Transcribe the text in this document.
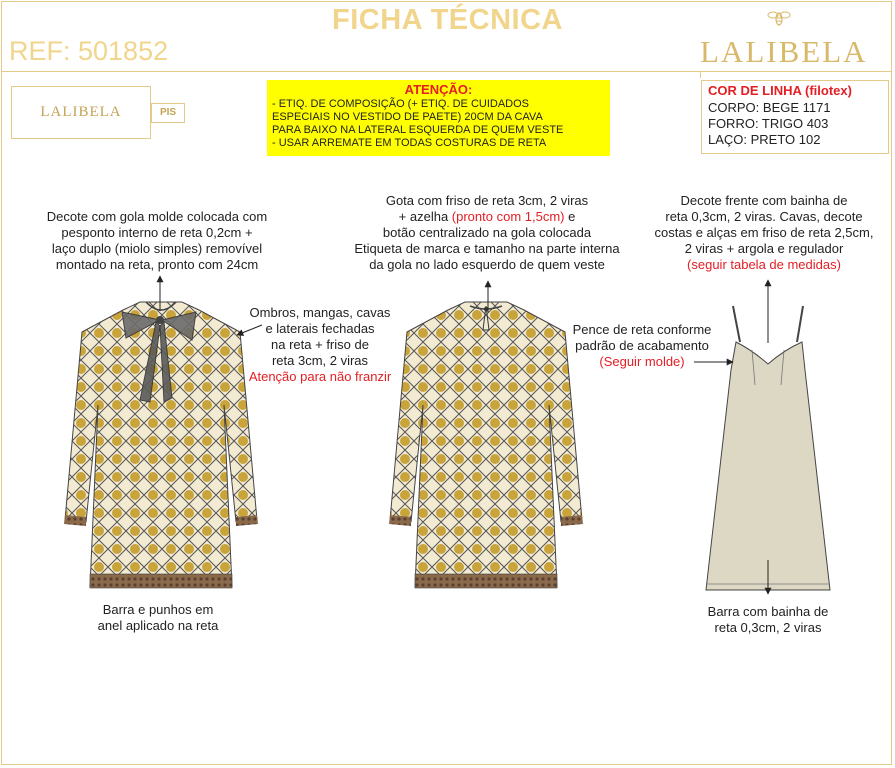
FICHA TÉCNICA
REF: 501852	LALIBELA
LALIBELA	PIS
ATENÇÃO:
- ETIQ. DE COMPOSIÇÃO (+ ETIQ. DE CUIDADOS
ESPECIAIS NO VESTIDO DE PAETE) 20CM DA CAVA
PARA BAIXO NA LATERAL ESQUERDA DE QUEM VESTE
- USAR ARREMATE EM TODAS COSTURAS DE RETA
COR DE LINHA (filotex)
CORPO: BEGE 1171
FORRO: TRIGO 403
LAÇO: PRETO 102
Decote com gola molde colocada com
pesponto interno de reta 0,2cm +
laço duplo (miolo simples) removível
montado na reta, pronto com 24cm
Ombros, mangas, cavas
e laterais fechadas
na reta + friso de
reta 3cm, 2 viras
Atenção para não franzir
Barra e punhos em
anel aplicado na reta
Gota com friso de reta 3cm, 2 viras
+ azelha (pronto com 1,5cm) e
botão centralizado na gola colocada
Etiqueta de marca e tamanho na parte interna
da gola no lado esquerdo de quem veste
Decote frente com bainha de
reta 0,3cm, 2 viras. Cavas, decote
costas e alças em friso de reta 2,5cm,
2 viras + argola e regulador
(seguir tabela de medidas)
Pence de reta conforme
padrão de acabamento
(Seguir molde)
Barra com bainha de
reta 0,3cm, 2 viras
